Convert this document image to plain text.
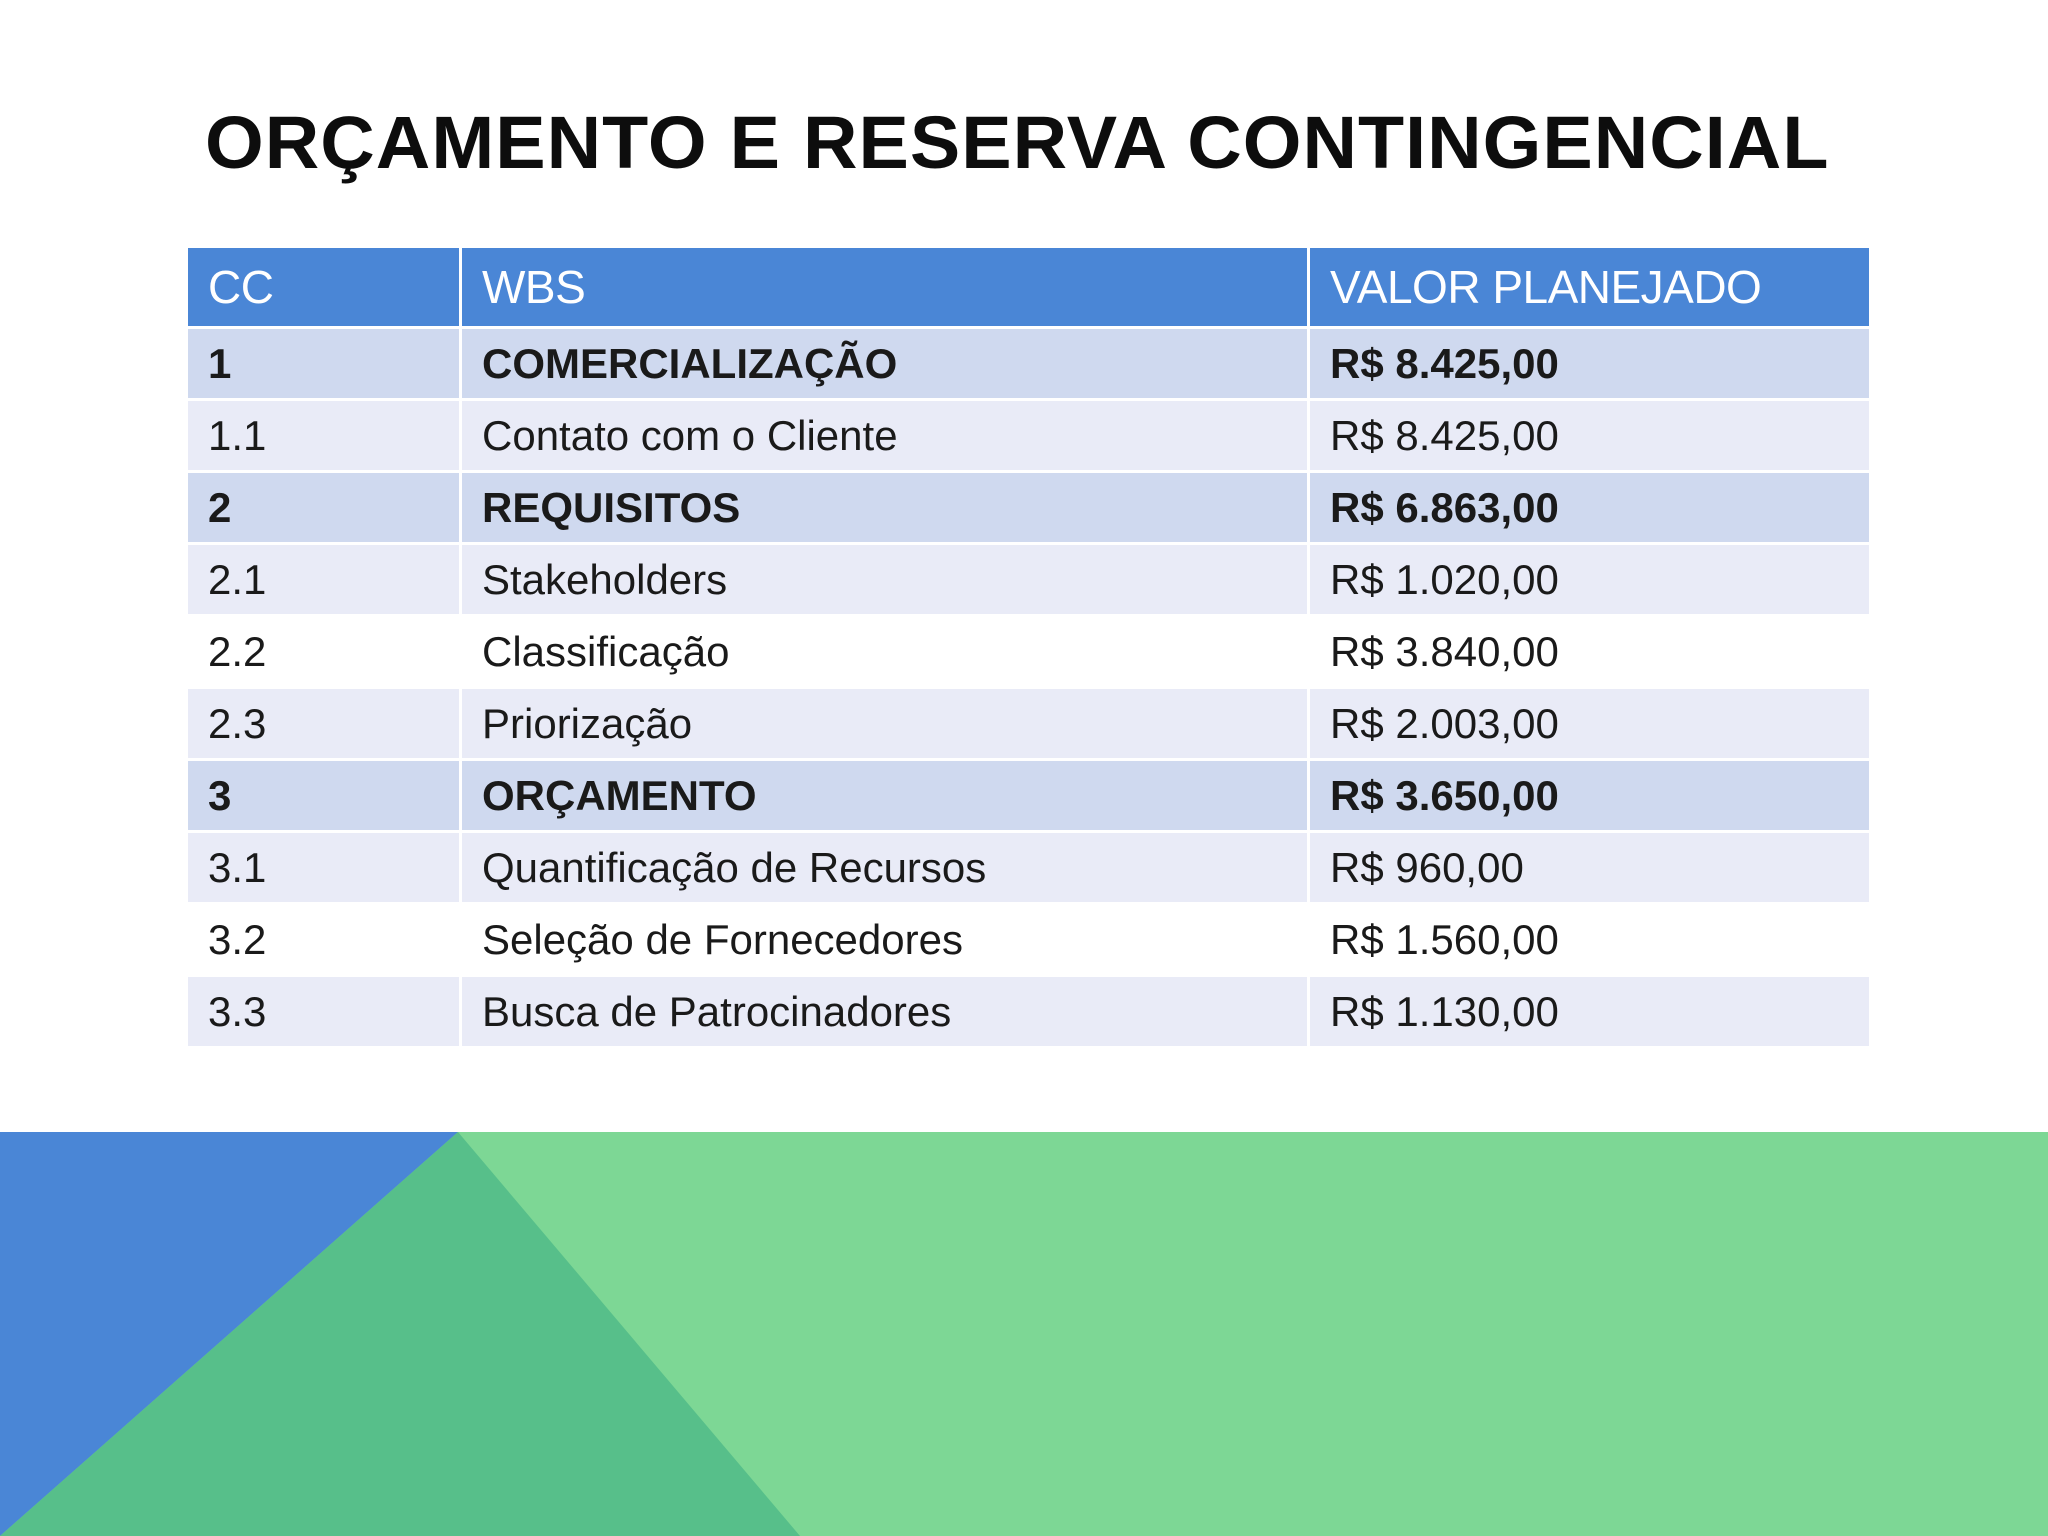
ORÇAMENTO E RESERVA CONTINGENCIAL
CC	WBS	VALOR PLANEJADO
1	COMERCIALIZAÇÃO	R$ 8.425,00
1.1	Contato com o Cliente	R$ 8.425,00
2	REQUISITOS	R$ 6.863,00
2.1	Stakeholders	R$ 1.020,00
2.2	Classificação	R$ 3.840,00
2.3	Priorização	R$ 2.003,00
3	ORÇAMENTO	R$ 3.650,00
3.1	Quantificação de Recursos	R$ 960,00
3.2	Seleção de Fornecedores	R$ 1.560,00
3.3	Busca de Patrocinadores	R$ 1.130,00
